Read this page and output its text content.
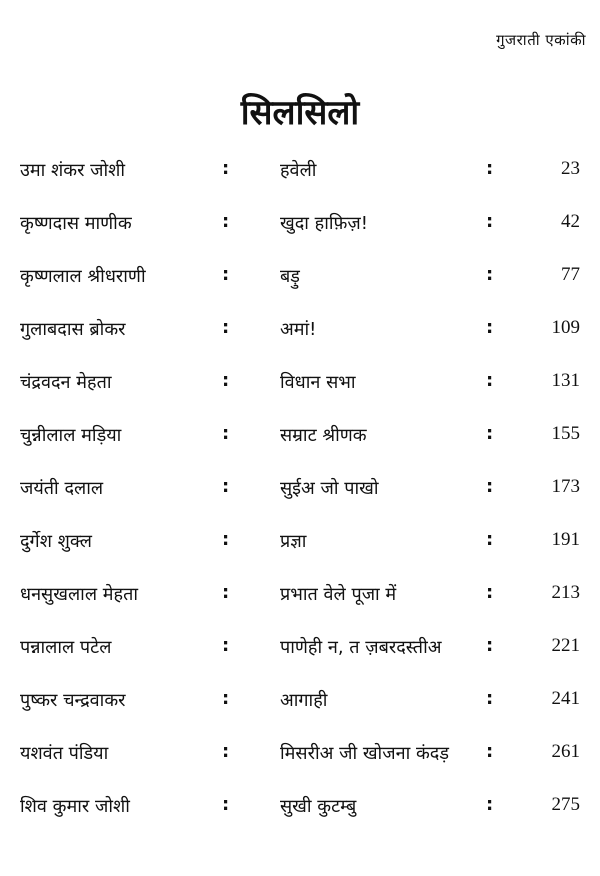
गुजराती एकांकी
सिलसिलो
उमा शंकर जोशी	:	हवेली	:	23
कृष्णदास माणीक	:	खुदा हाफ़िज़!	:	42
कृष्णलाल श्रीधराणी	:	बड़ु	:	77
गुलाबदास ब्रोकर	:	अमां!	:	109
चंद्रवदन मेहता	:	विधान सभा	:	131
चुन्नीलाल मड़िया	:	सम्राट श्रीणक	:	155
जयंती दलाल	:	सुईअ जो पाखो	:	173
दुर्गेश शुक्ल	:	प्रज्ञा	:	191
धनसुखलाल मेहता	:	प्रभात वेले पूजा में	:	213
पन्नालाल पटेल	:	पाणेही न, त ज़बरदस्तीअ :	221
पुष्कर चन्द्रवाकर	:	आगाही	:	241
यशवंत पंडिया	:	मिसरीअ जी खोजना कंदड़ :	261
शिव कुमार जोशी	:	सुखी कुटम्बु	:	275
